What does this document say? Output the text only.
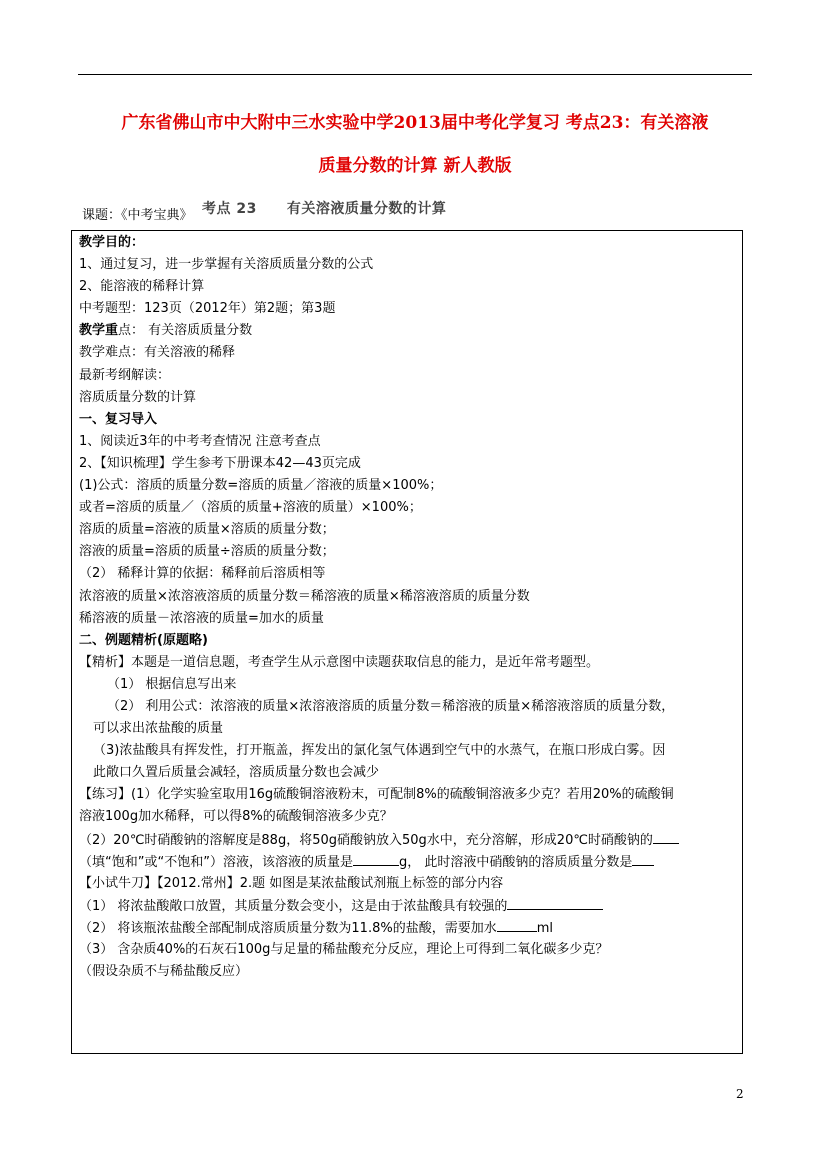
广东省佛山市中大附中三水实验中学2013届中考化学复习 考点23：有关溶液
质量分数的计算 新人教版
课题：《中考宝典》 考点 23 有关溶液质量分数的计算
教学目的：
1、通过复习，进一步掌握有关溶质质量分数的公式
2、能溶液的稀释计算
中考题型：123页（2012年）第2题；第3题
教学重点： 有关溶质质量分数
教学难点：有关溶液的稀释
最新考纲解读：
溶质质量分数的计算
一、复习导入
1、阅读近3年的中考考查情况 注意考查点
2、【知识梳理】学生参考下册课本42—43页完成
(1)公式：溶质的质量分数=溶质的质量／溶液的质量×100%；
或者=溶质的质量／（溶质的质量+溶液的质量）×100%；
溶质的质量=溶液的质量×溶质的质量分数；
溶液的质量=溶质的质量÷溶质的质量分数；
（2） 稀释计算的依据：稀释前后溶质相等
浓溶液的质量×浓溶液溶质的质量分数＝稀溶液的质量×稀溶液溶质的质量分数
稀溶液的质量－浓溶液的质量=加水的质量
二、例题精析(原题略)
【精析】本题是一道信息题，考查学生从示意图中读题获取信息的能力，是近年常考题型。
（1） 根据信息写出来
（2） 利用公式：浓溶液的质量×浓溶液溶质的质量分数＝稀溶液的质量×稀溶液溶质的质量分数，
可以求出浓盐酸的质量
（3)浓盐酸具有挥发性，打开瓶盖，挥发出的氯化氢气体遇到空气中的水蒸气，在瓶口形成白雾。因
此敞口久置后质量会减轻，溶质质量分数也会减少
【练习】(1）化学实验室取用16g硫酸铜溶液粉末，可配制8%的硫酸铜溶液多少克？若用20%的硫酸铜
溶液100g加水稀释，可以得8%的硫酸铜溶液多少克？
（2）20℃时硝酸钠的溶解度是88g，将50g硝酸钠放入50g水中，充分溶解，形成20℃时硝酸钠的
（填“饱和”或“不饱和”）溶液，该溶液的质量是	g， 此时溶液中硝酸钠的溶质质量分数是
【小试牛刀】【2012.常州】2.题 如图是某浓盐酸试剂瓶上标签的部分内容
（1） 将浓盐酸敞口放置，其质量分数会变小，这是由于浓盐酸具有较强的
（2） 将该瓶浓盐酸全部配制成溶质质量分数为11.8%的盐酸，需要加水	ml
（3） 含杂质40%的石灰石100g与足量的稀盐酸充分反应，理论上可得到二氧化碳多少克？
（假设杂质不与稀盐酸反应）
2
